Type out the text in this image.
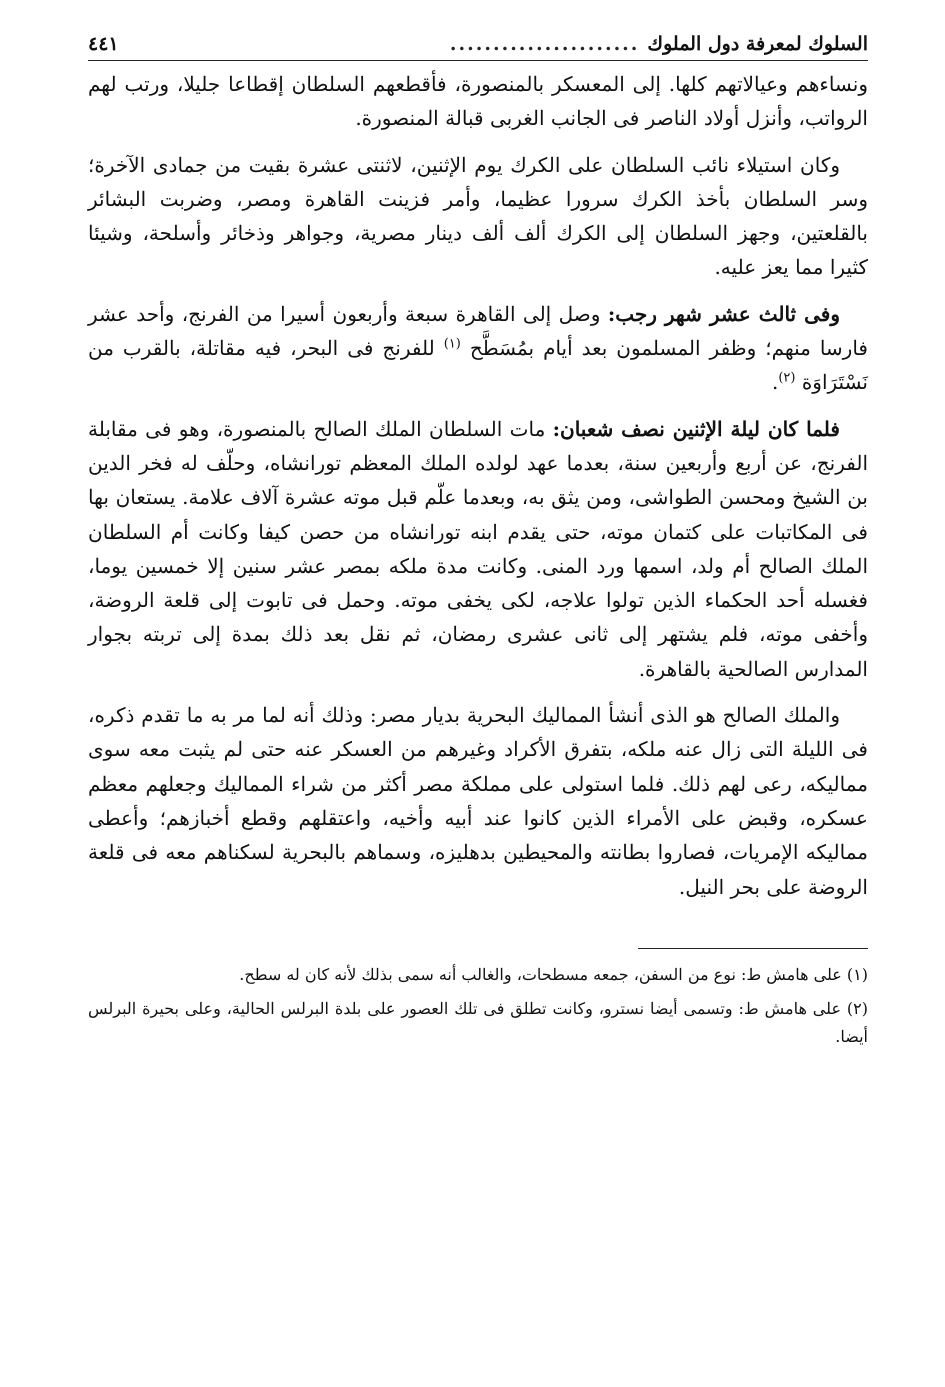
السلوك لمعرفة دول الملوك
......................
٤٤١

ونساءهم وعيالاتهم كلها. إلى المعسكر بالمنصورة، فأقطعهم السلطان إقطاعا جليلا، ورتب لهم الرواتب، وأنزل أولاد الناصر فى الجانب الغربى قبالة المنصورة.

وكان استيلاء نائب السلطان على الكرك يوم الإثنين، لاثنتى عشرة بقيت من جمادى الآخرة؛ وسر السلطان بأخذ الكرك سرورا عظيما، وأمر فزينت القاهرة ومصر، وضربت البشائر بالقلعتين، وجهز السلطان إلى الكرك ألف ألف دينار مصرية، وجواهر وذخائر وأسلحة، وشيئا كثيرا مما يعز عليه.

وفى ثالث عشر شهر رجب: وصل إلى القاهرة سبعة وأربعون أسيرا من الفرنج، وأحد عشر فارسا منهم؛ وظفر المسلمون بعد أيام بمُسَطَّح $^{(١)}$ للفرنج فى البحر، فيه مقاتلة، بالقرب من نَسْتَرَاوَة $^{(٢)}$.

فلما كان ليلة الإثنين نصف شعبان: مات السلطان الملك الصالح بالمنصورة، وهو فى مقابلة الفرنج، عن أربع وأربعين سنة، بعدما عهد لولده الملك المعظم تورانشاه، وحلّف له فخر الدين بن الشيخ ومحسن الطواشى، ومن يثق به، وبعدما علّم قبل موته عشرة آلاف علامة. يستعان بها فى المكاتبات على كتمان موته، حتى يقدم ابنه تورانشاه من حصن كيفا وكانت أم السلطان الملك الصالح أم ولد، اسمها ورد المنى. وكانت مدة ملكه بمصر عشر سنين إلا خمسين يوما، فغسله أحد الحكماء الذين تولوا علاجه، لكى يخفى موته. وحمل فى تابوت إلى قلعة الروضة، وأخفى موته، فلم يشتهر إلى ثانى عشرى رمضان، ثم نقل بعد ذلك بمدة إلى تربته بجوار المدارس الصالحية بالقاهرة.

والملك الصالح هو الذى أنشأ المماليك البحرية بديار مصر: وذلك أنه لما مر به ما تقدم ذكره، فى الليلة التى زال عنه ملكه، بتفرق الأكراد وغيرهم من العسكر عنه حتى لم يثبت معه سوى مماليكه، رعى لهم ذلك. فلما استولى على مملكة مصر أكثر من شراء المماليك وجعلهم معظم عسكره، وقبض على الأمراء الذين كانوا عند أبيه وأخيه، واعتقلهم وقطع أخبازهم؛ وأعطى مماليكه الإمريات، فصاروا بطانته والمحيطين بدهليزه، وسماهم بالبحرية لسكناهم معه فى قلعة الروضة على بحر النيل.

(١) على هامش ط: نوع من السفن، جمعه مسطحات، والغالب أنه سمى بذلك لأنه كان له سطح.

(٢) على هامش ط: وتسمى أيضا نسترو، وكانت تطلق فى تلك العصور على بلدة البرلس الحالية، وعلى بحيرة البرلس أيضا.
